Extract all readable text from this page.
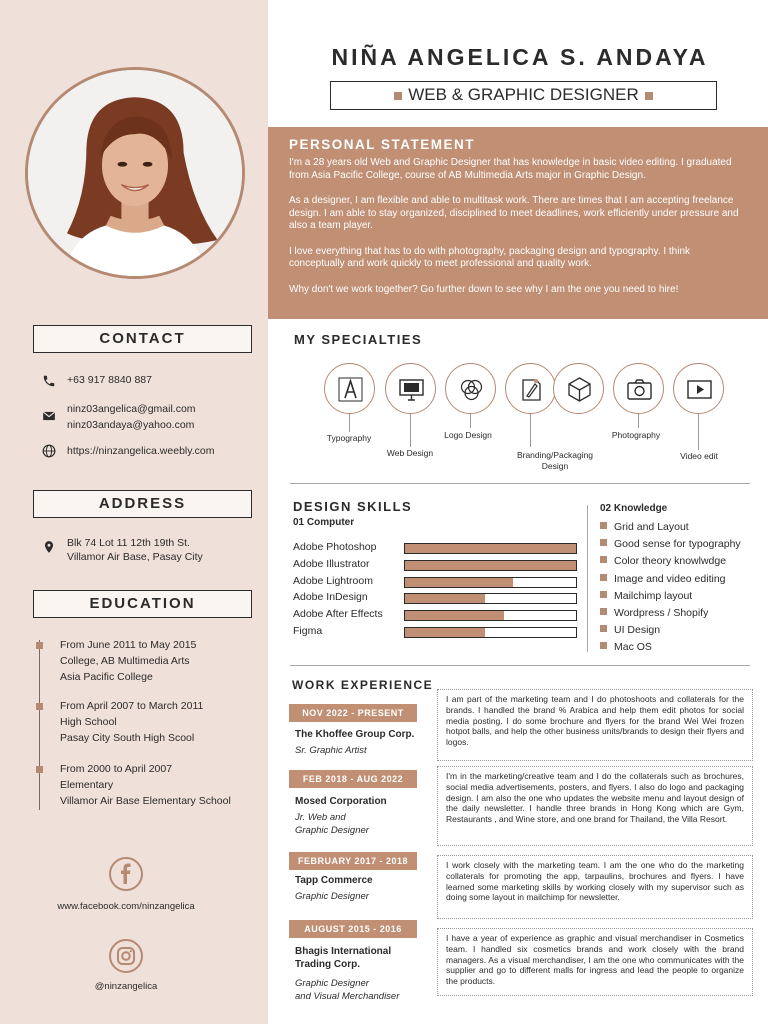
CONTACT
+63 917 8840 887
ninz03angelica@gmail.com
ninz03andaya@yahoo.com
https://ninzangelica.weebly.com
ADDRESS
Blk 74 Lot 11 12th 19th St.
Villamor Air Base, Pasay City
EDUCATION
From June 2011 to May 2015
College, AB Multimedia Arts
Asia Pacific College
From April 2007 to March 2011
High School
Pasay City South High Scool
From 2000 to April 2007
Elementary
Villamor Air Base Elementary School
www.facebook.com/ninzangelica
@ninzangelica
NIÑA ANGELICA S. ANDAYA
WEB & GRAPHIC DESIGNER
PERSONAL STATEMENT

I'm a 28 years old Web and Graphic Designer that has knowledge in basic video editing. I graduated from Asia Pacific College, course of AB Multimedia Arts major in Graphic Design.

As a designer, I am flexible and able to multitask work. There are times that I am accepting freelance design. I am able to stay organized, disciplined to meet deadlines, work efficiently under pressure and also a team player.

I love everything that has to do with photography, packaging design and typography. I think conceptually and work quickly to meet professional and quality work.

Why don't we work together? Go further down to see why I am the one you need to hire!

MY SPECIALTIES
Typography
Web Design
Logo Design
Branding/Packaging Design
Photography
Video edit
DESIGN SKILLS
01 Computer
Adobe Photoshop
Adobe Illustrator
Adobe Lightroom
Adobe InDesign
Adobe After Effects
Figma
02 Knowledge
Grid and Layout
Good sense for typography
Color theory knowlwdge
Image and video editing
Mailchimp layout
Wordpress / Shopify
UI Design
Mac OS
WORK EXPERIENCE
NOV 2022 - PRESENT
The Khoffee Group Corp.
Sr. Graphic Artist
I am part of the marketing team and I do photoshoots and collaterals for the brands. I handled the brand % Arabica and help them edit photos for social media posting. I do some brochure and flyers for the brand Wei Wei frozen hotpot balls, and help the other business units/brands to design their flyers and logos.
FEB 2018 - AUG 2022
Mosed Corporation
Jr. Web and
Graphic Designer
I'm in the marketing/creative team and I do the collaterals such as brochures, social media advertisements, posters, and flyers. I also do logo and packaging design. I am also the one who updates the website menu and layout design of the daily newsletter. I handle three brands in Hong Kong which are Gym, Restaurants , and Wine store, and one brand for Thailand, the Villa Resort.
FEBRUARY 2017 - 2018
Tapp Commerce
Graphic Designer
I work closely with the marketing team. I am the one who do the marketing collaterals for promoting the app, tarpaulins, brochures and flyers. I have learned some marketing skills by working closely with my supervisor such as doing some layout in mailchimp for newsletter.
AUGUST 2015 - 2016
Bhagis International
Trading Corp.
Graphic Designer
and Visual Merchandiser
I have a year of experience as graphic and visual merchandiser in Cosmetics team. I handled six cosmetics brands and work closely with the brand managers. As a visual merchandiser, I am the one who communicates with the supplier and go to different malls for ingress and lead the people to organize the products.
